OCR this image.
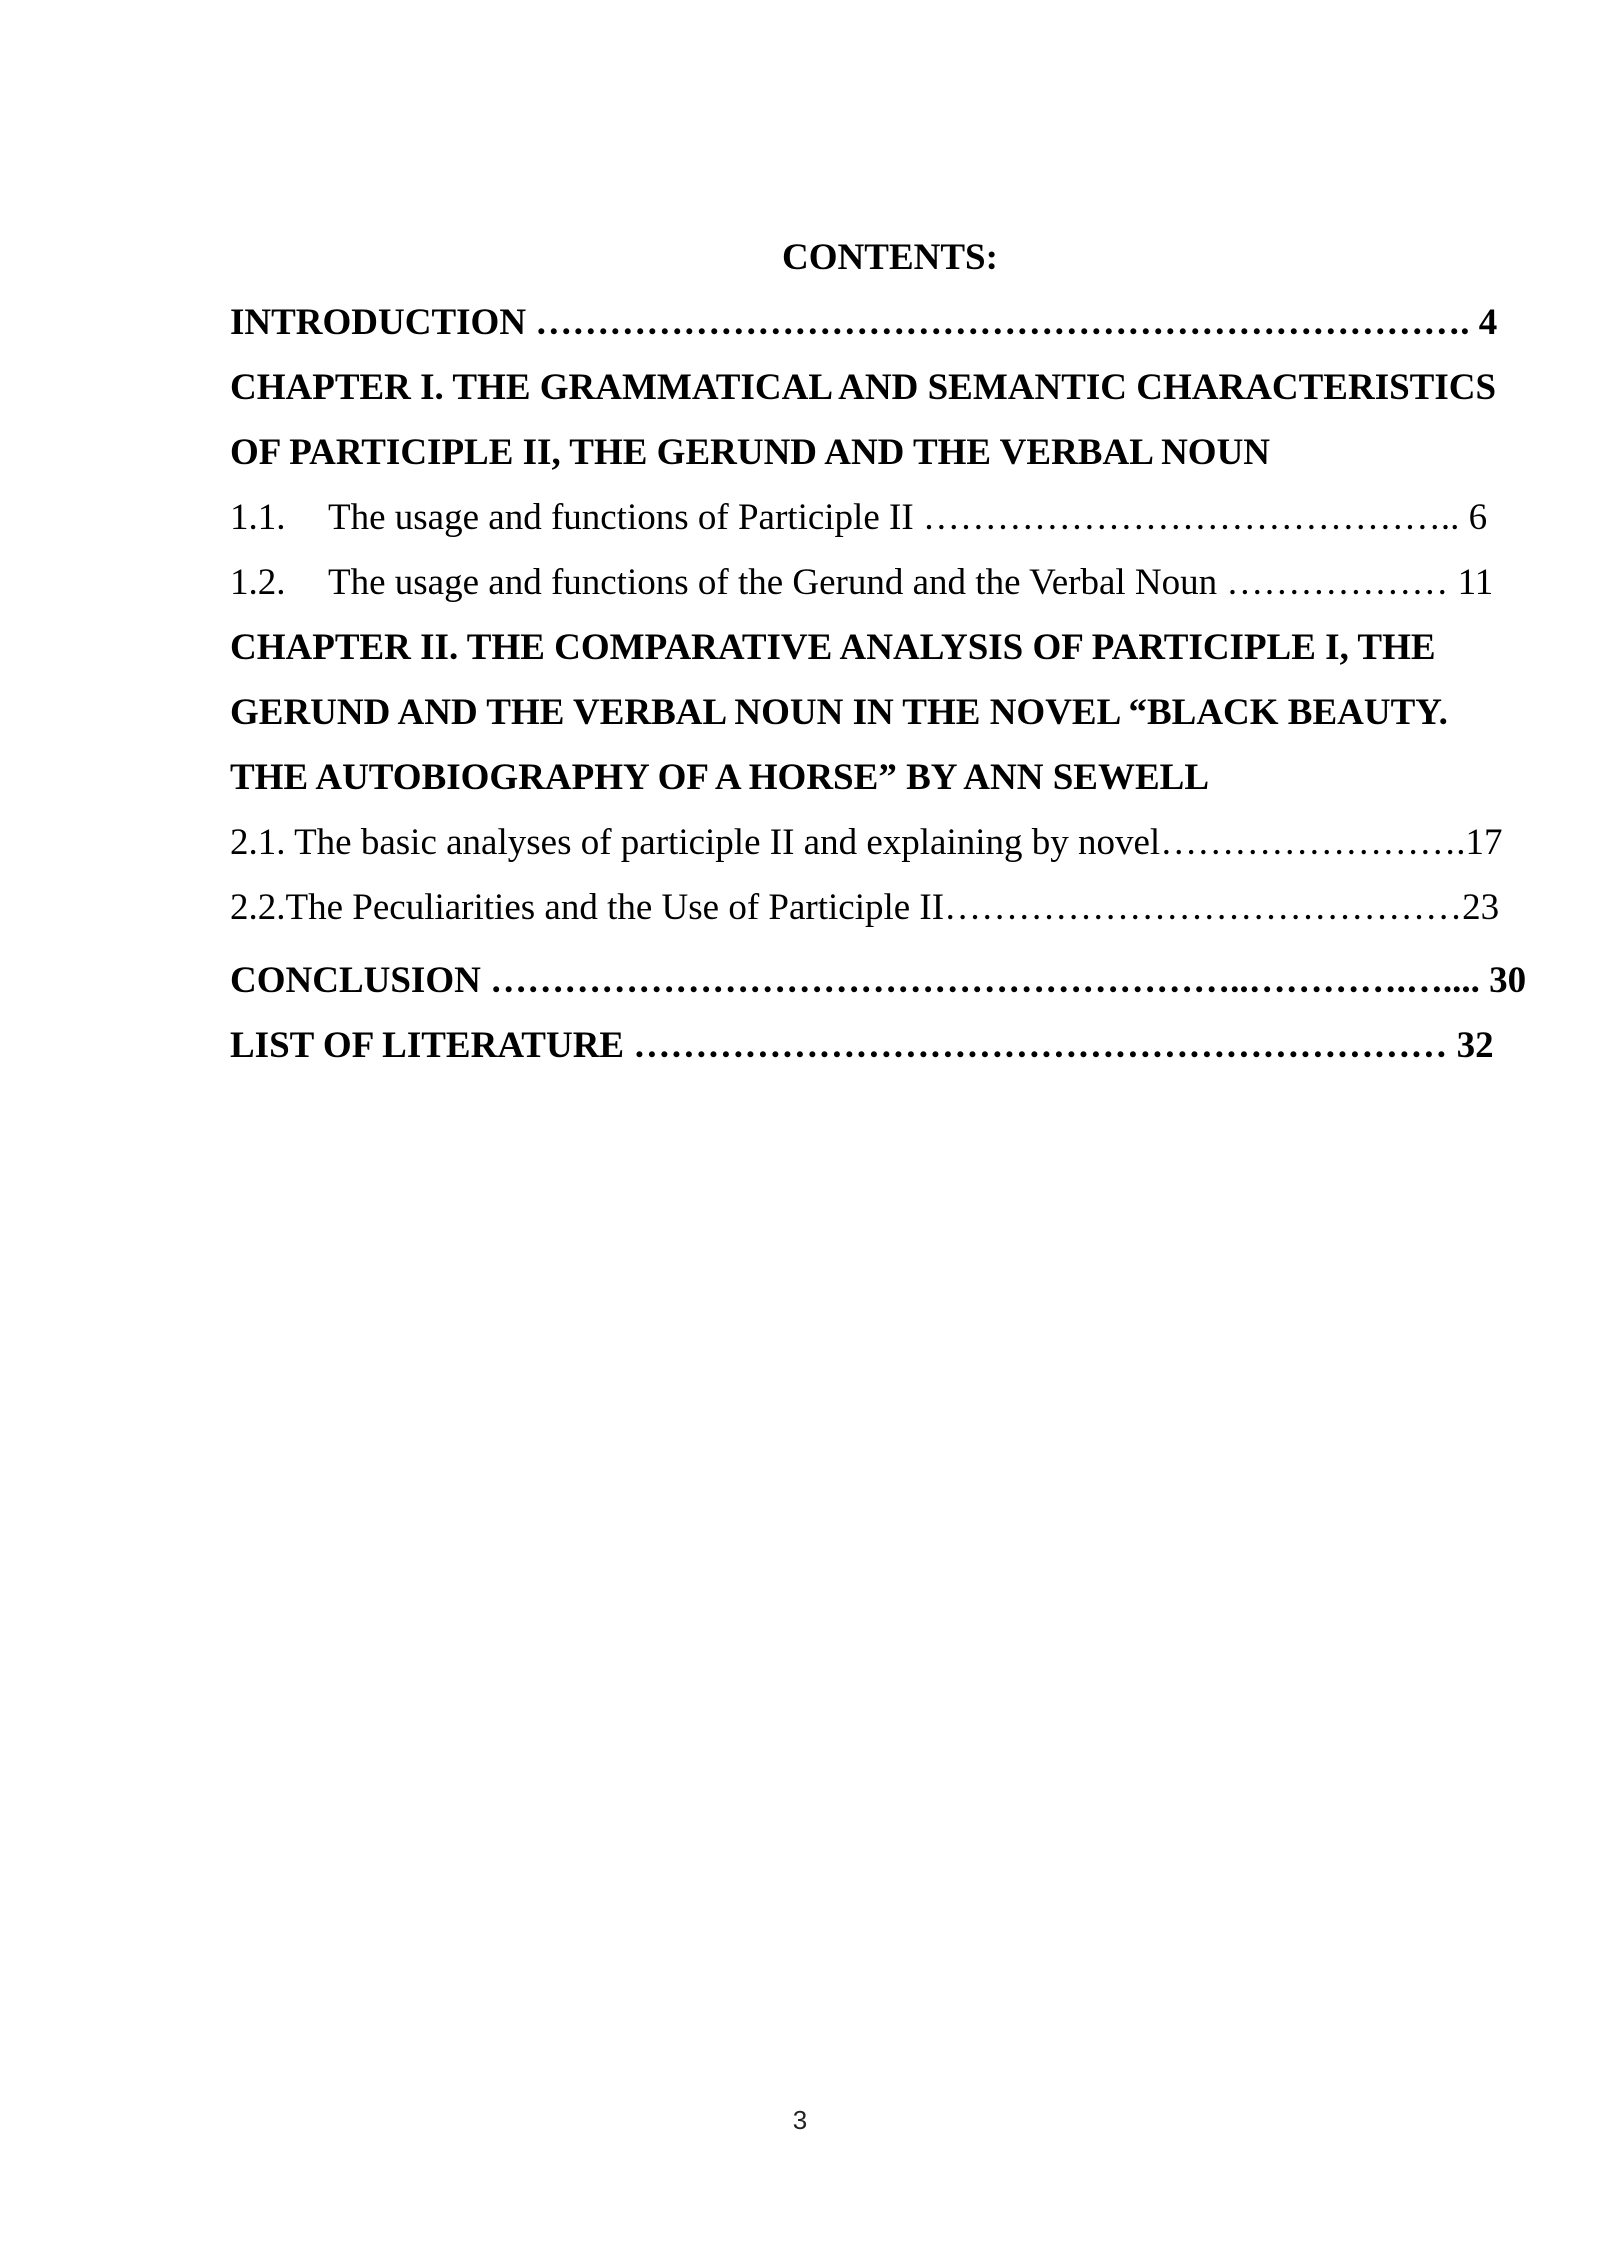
CONTENTS:
INTRODUCTION …………………………………………………………………. 4
CHAPTER I. THE GRAMMATICAL AND SEMANTIC CHARACTERISTICS
OF PARTICIPLE II, THE GERUND AND THE VERBAL NOUN
1.1. The usage and functions of Participle II …………………………………….. 6
1.2. The usage and functions of the Gerund and the Verbal Noun ……………… 11
CHAPTER II. THE COMPARATIVE ANALYSIS OF PARTICIPLE I, THE
GERUND AND THE VERBAL NOUN IN THE NOVEL “BLACK BEAUTY.
THE AUTOBIOGRAPHY OF A HORSE” BY ANN SEWELL
2.1. The basic analyses of participle II and explaining by novel…………………….17
2.2.The Peculiarities and the Use of Participle II……………………………………23
CONCLUSION ……………………………………………………..………….….... 30
LIST OF LITERATURE ………………………………………………………… 32
3
